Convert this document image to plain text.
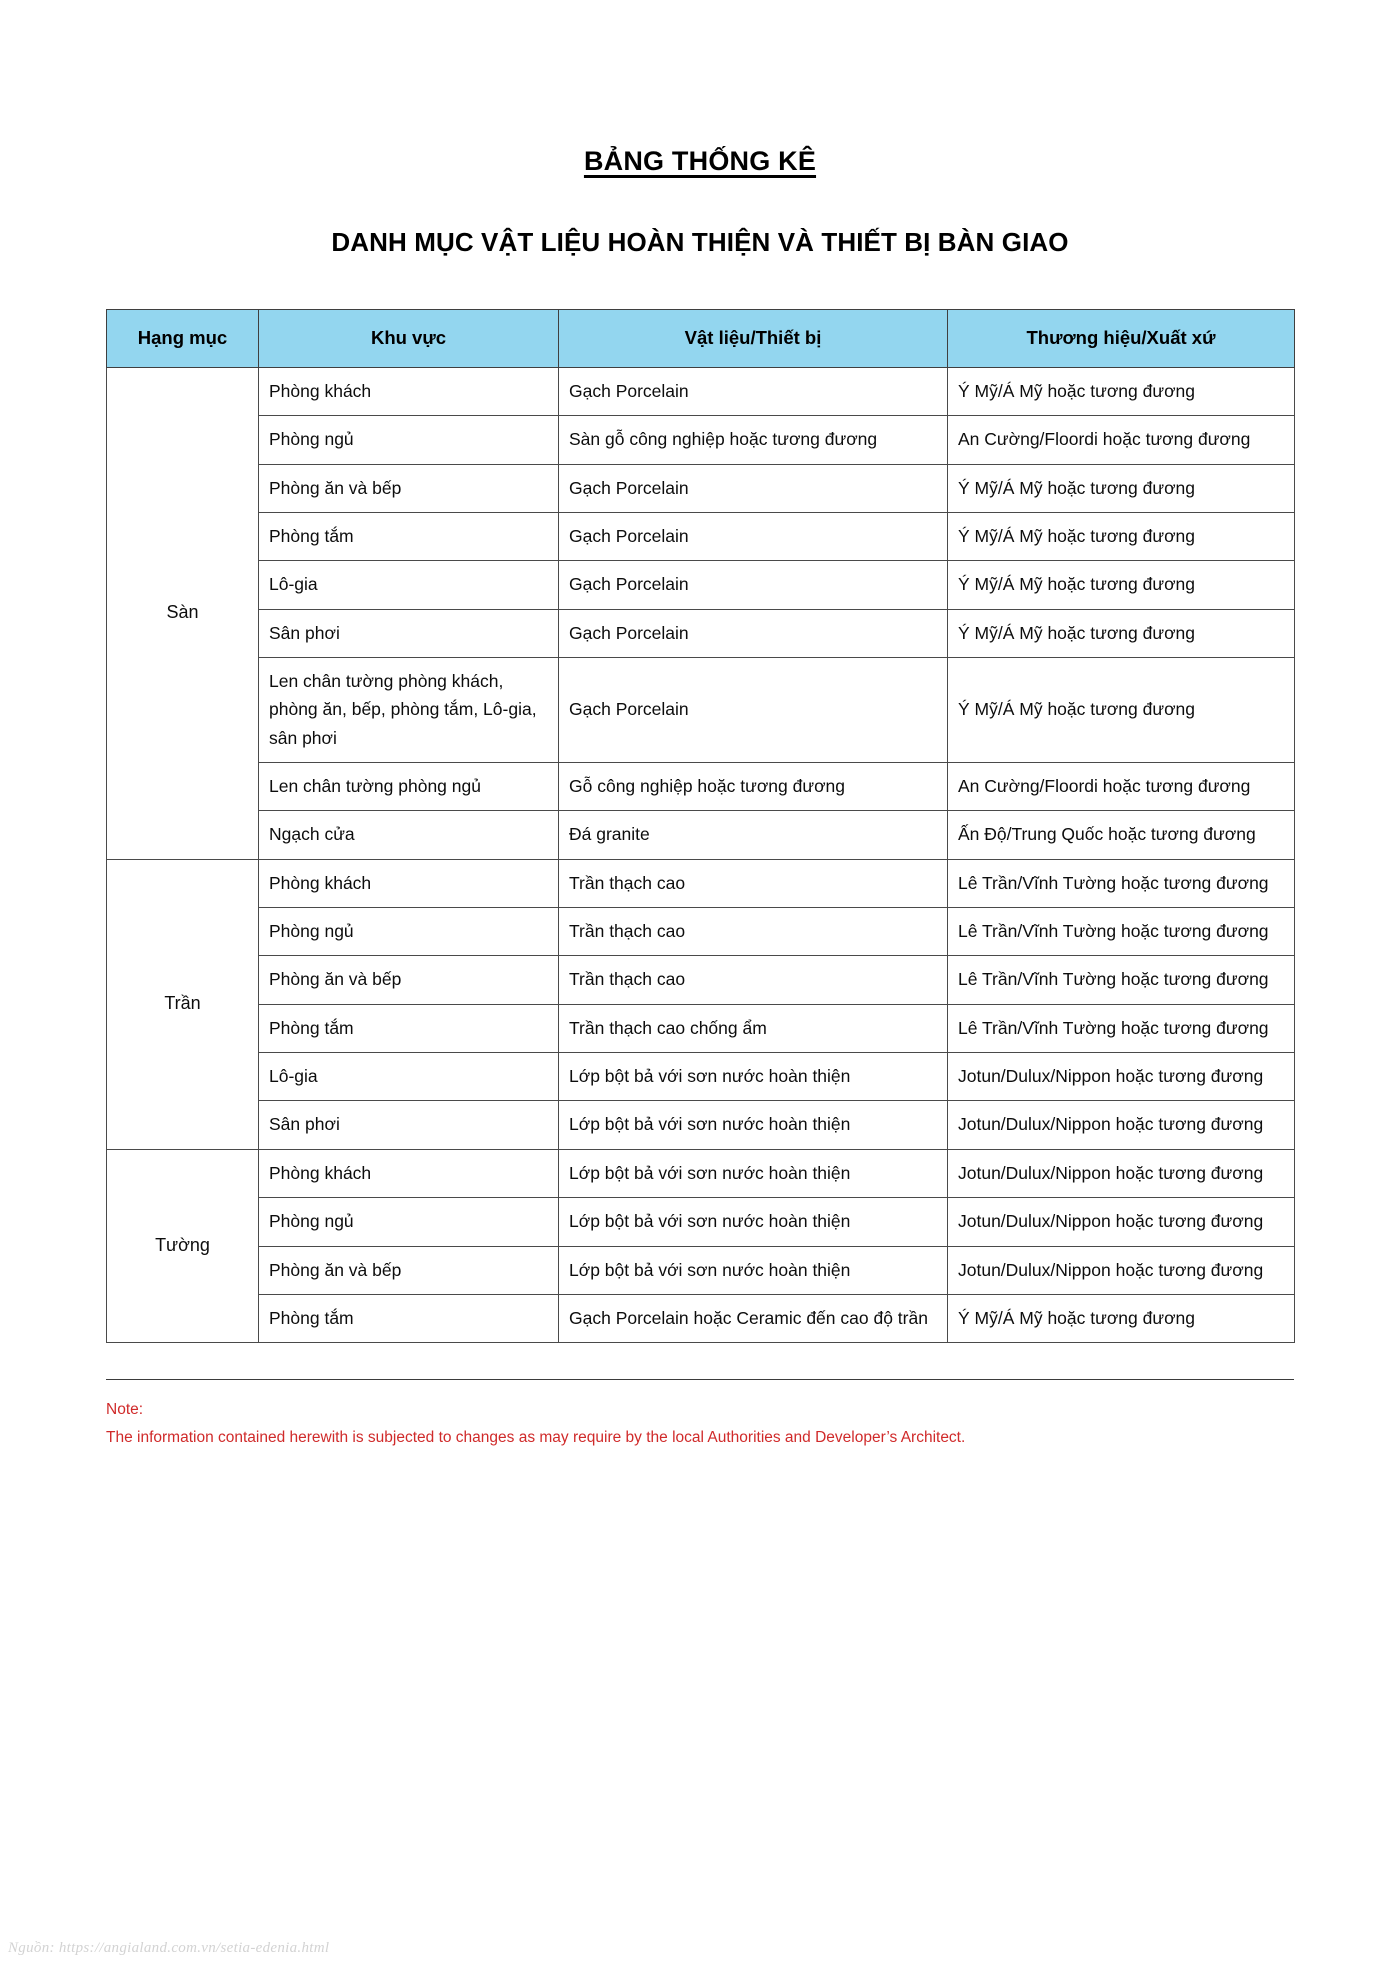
BẢNG THỐNG KÊ
DANH MỤC VẬT LIỆU HOÀN THIỆN VÀ THIẾT BỊ BÀN GIAO
Hạng mục	Khu vực	Vật liệu/Thiết bị	Thương hiệu/Xuất xứ
Sàn	Phòng khách	Gạch Porcelain	Ý Mỹ/Á Mỹ hoặc tương đương
	Phòng ngủ	Sàn gỗ công nghiệp hoặc tương đương	An Cường/Floordi hoặc tương đương
	Phòng ăn và bếp	Gạch Porcelain	Ý Mỹ/Á Mỹ hoặc tương đương
	Phòng tắm	Gạch Porcelain	Ý Mỹ/Á Mỹ hoặc tương đương
	Lô-gia	Gạch Porcelain	Ý Mỹ/Á Mỹ hoặc tương đương
	Sân phơi	Gạch Porcelain	Ý Mỹ/Á Mỹ hoặc tương đương
	Len chân tường phòng khách, phòng ăn, bếp, phòng tắm, Lô-gia, sân phơi	Gạch Porcelain	Ý Mỹ/Á Mỹ hoặc tương đương
	Len chân tường phòng ngủ	Gỗ công nghiệp hoặc tương đương	An Cường/Floordi hoặc tương đương
	Ngạch cửa	Đá granite	Ấn Độ/Trung Quốc hoặc tương đương
Trần	Phòng khách	Trần thạch cao	Lê Trần/Vĩnh Tường hoặc tương đương
	Phòng ngủ	Trần thạch cao	Lê Trần/Vĩnh Tường hoặc tương đương
	Phòng ăn và bếp	Trần thạch cao	Lê Trần/Vĩnh Tường hoặc tương đương
	Phòng tắm	Trần thạch cao chống ẩm	Lê Trần/Vĩnh Tường hoặc tương đương
	Lô-gia	Lớp bột bả với sơn nước hoàn thiện	Jotun/Dulux/Nippon hoặc tương đương
	Sân phơi	Lớp bột bả với sơn nước hoàn thiện	Jotun/Dulux/Nippon hoặc tương đương
Tường	Phòng khách	Lớp bột bả với sơn nước hoàn thiện	Jotun/Dulux/Nippon hoặc tương đương
	Phòng ngủ	Lớp bột bả với sơn nước hoàn thiện	Jotun/Dulux/Nippon hoặc tương đương
	Phòng ăn và bếp	Lớp bột bả với sơn nước hoàn thiện	Jotun/Dulux/Nippon hoặc tương đương
	Phòng tắm	Gạch Porcelain hoặc Ceramic đến cao độ trần	Ý Mỹ/Á Mỹ hoặc tương đương
Note:
The information contained herewith is subjected to changes as may require by the local Authorities and Developer’s Architect.
Nguồn: https://angialand.com.vn/setia-edenia.html
